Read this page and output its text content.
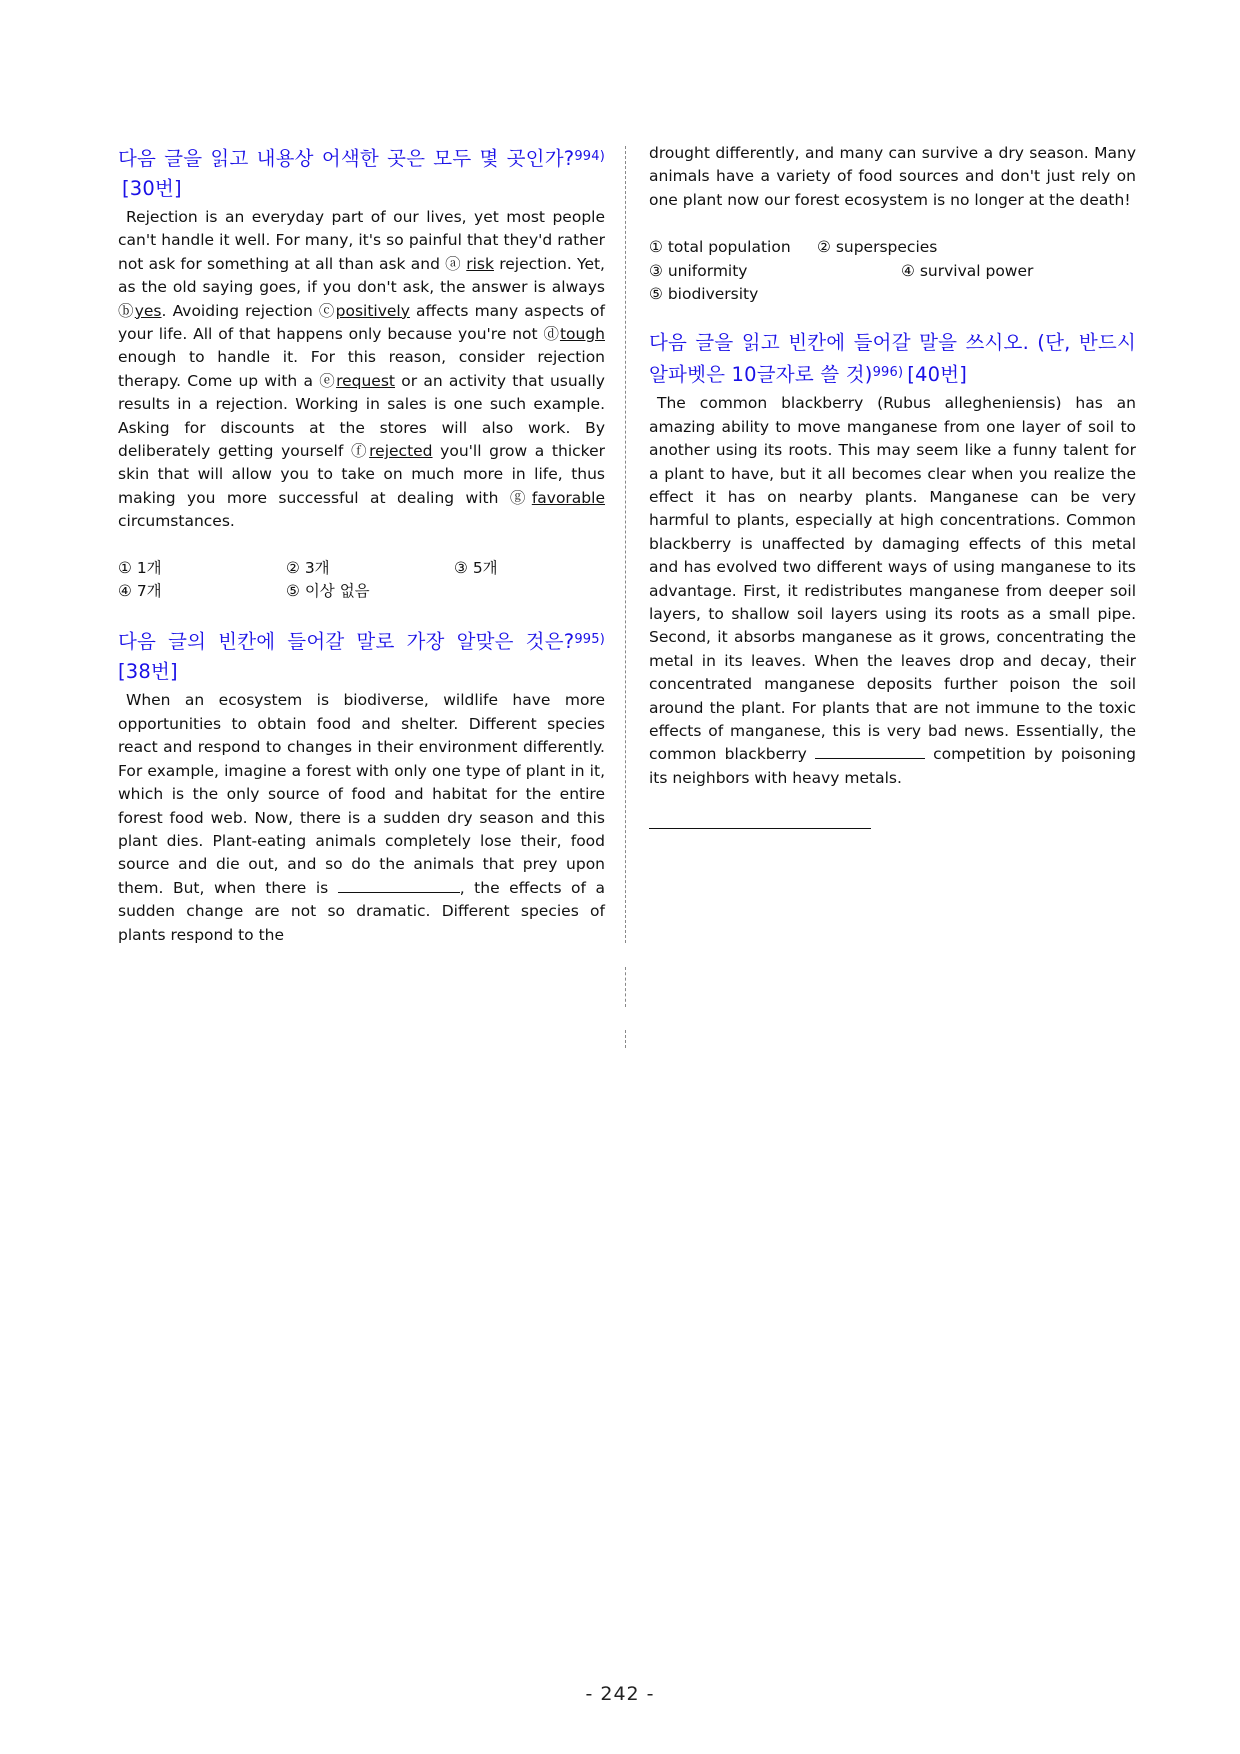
다음 글을 읽고 내용상 어색한 곳은 모두 몇 곳인가?$^{994)}$[30번]

Rejection is an everyday part of our lives, yet most people can't handle it well. For many, it's so painful that they'd rather not ask for something at all than ask and ⓐ risk rejection. Yet, as the old saying goes, if you don't ask, the answer is always ⓑyes. Avoiding rejection ⓒpositively affects many aspects of your life. All of that happens only because you're not ⓓtough enough to handle it. For this reason, consider rejection therapy. Come up with a ⓔrequest or an activity that usually results in a rejection. Working in sales is one such example. Asking for discounts at the stores will also work. By deliberately getting yourself ⓕrejected you'll grow a thicker skin that will allow you to take on much more in life, thus making you more successful at dealing with ⓖfavorable circumstances.

① 1개	② 3개	③ 5개
④ 7개	⑤ 이상 없음
다음 글의 빈칸에 들어갈 말로 가장 알맞은 것은?$^{995)}$ [38번]

When an ecosystem is biodiverse, wildlife have more opportunities to obtain food and shelter. Different species react and respond to changes in their environment differently. For example, imagine a forest with only one type of plant in it, which is the only source of food and habitat for the entire forest food web. Now, there is a sudden dry season and this plant dies. Plant-eating animals completely lose their, food source and die out, and so do the animals that prey upon them. But, when there is	, the effects of a sudden change are not so dramatic. Different species of plants respond to the

drought differently, and many can survive a dry season. Many animals have a variety of food sources and don't just rely on one plant now our forest ecosystem is no longer at the death!

① total population ② superspecies
③ uniformity	④ survival power
⑤ biodiversity
다음 글을 읽고 빈칸에 들어갈 말을 쓰시오. (단, 반드시 알파벳은 10글자로 쓸 것)$^{996)}$ [40번]

The common blackberry (Rubus allegheniensis) has an amazing ability to move manganese from one layer of soil to another using its roots. This may seem like a funny talent for a plant to have, but it all becomes clear when you realize the effect it has on nearby plants. Manganese can be very harmful to plants, especially at high concentrations. Common blackberry is unaffected by damaging effects of this metal and has evolved two different ways of using manganese to its advantage. First, it redistributes manganese from deeper soil layers, to shallow soil layers using its roots as a small pipe. Second, it absorbs manganese as it grows, concentrating the metal in its leaves. When the leaves drop and decay, their concentrated manganese deposits further poison the soil around the plant. For plants that are not immune to the toxic effects of manganese, this is very bad news. Essentially, the common blackberry	competition by poisoning its neighbors with heavy metals.

- 242 -
